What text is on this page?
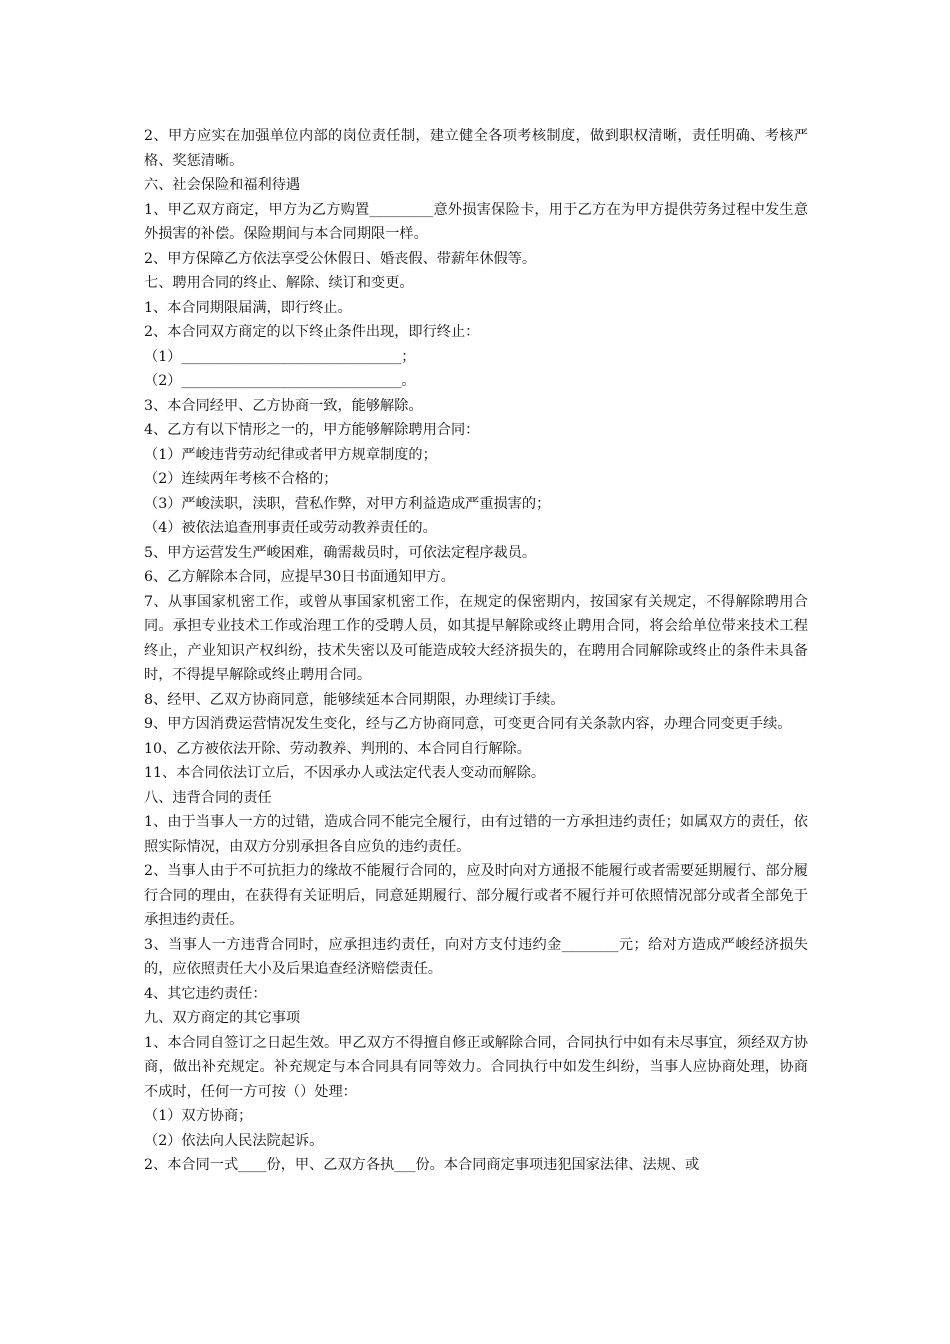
2、甲方应实在加强单位内部的岗位责任制，建立健全各项考核制度，做到职权清晰，责任明确、考核严格、奖惩清晰。

六、社会保险和福利待遇

1、甲乙双方商定，甲方为乙方购置_________意外损害保险卡，用于乙方在为甲方提供劳务过程中发生意外损害的补偿。保险期间与本合同期限一样。

2、甲方保障乙方依法享受公休假日、婚丧假、带薪年休假等。

七、聘用合同的终止、解除、续订和变更。

1、本合同期限届满，即行终止。

2、本合同双方商定的以下终止条件出现，即行终止：

（1）_______________________________；

（2）_______________________________。

3、本合同经甲、乙方协商一致，能够解除。

4、乙方有以下情形之一的，甲方能够解除聘用合同：

（1）严峻违背劳动纪律或者甲方规章制度的；

（2）连续两年考核不合格的；

（3）严峻渎职，渎职，营私作弊，对甲方利益造成严重损害的；

（4）被依法追查刑事责任或劳动教养责任的。

5、甲方运营发生严峻困难，确需裁员时，可依法定程序裁员。

6、乙方解除本合同，应提早30日书面通知甲方。

7、从事国家机密工作，或曾从事国家机密工作，在规定的保密期内，按国家有关规定，不得解除聘用合同。承担专业技术工作或治理工作的受聘人员，如其提早解除或终止聘用合同，将会给单位带来技术工程终止，产业知识产权纠纷，技术失密以及可能造成较大经济损失的，在聘用合同解除或终止的条件未具备时，不得提早解除或终止聘用合同。

8、经甲、乙双方协商同意，能够续延本合同期限，办理续订手续。

9、甲方因消费运营情况发生变化，经与乙方协商同意，可变更合同有关条款内容，办理合同变更手续。

10、乙方被依法开除、劳动教养、判刑的、本合同自行解除。

11、本合同依法订立后，不因承办人或法定代表人变动而解除。

八、违背合同的责任

1、由于当事人一方的过错，造成合同不能完全履行，由有过错的一方承担违约责任；如属双方的责任，依照实际情况，由双方分别承担各自应负的违约责任。

2、当事人由于不可抗拒力的缘故不能履行合同的，应及时向对方通报不能履行或者需要延期履行、部分履行合同的理由，在获得有关证明后，同意延期履行、部分履行或者不履行并可依照情况部分或者全部免于承担违约责任。

3、当事人一方违背合同时，应承担违约责任，向对方支付违约金________元；给对方造成严峻经济损失的，应依照责任大小及后果追查经济赔偿责任。

4、其它违约责任：

九、双方商定的其它事项

1、本合同自签订之日起生效。甲乙双方不得擅自修正或解除合同，合同执行中如有未尽事宜，须经双方协商，做出补充规定。补充规定与本合同具有同等效力。合同执行中如发生纠纷，当事人应协商处理，协商不成时，任何一方可按（）处理：

（1）双方协商；

（2）依法向人民法院起诉。

2、本合同一式____份，甲、乙双方各执___份。本合同商定事项违犯国家法律、法规、或
